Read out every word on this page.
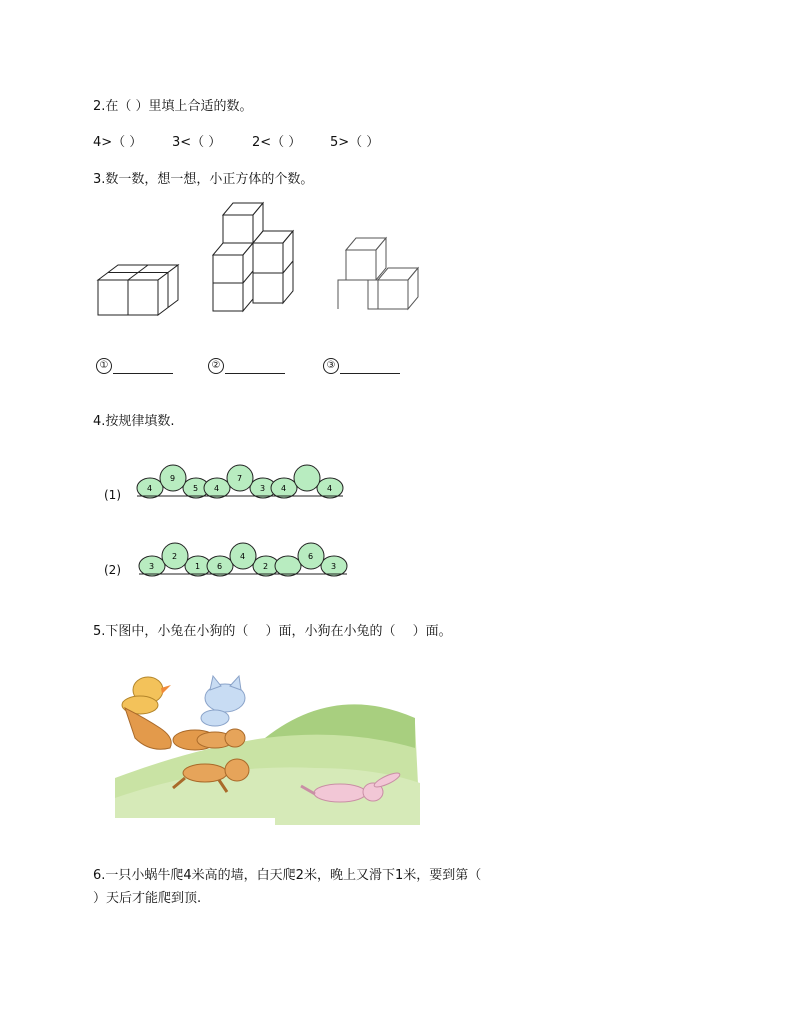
2.在（ ）里填上合适的数。
4>（ ） 3<（ ） 2<（ ） 5>（ ）
3.数一数，想一想，小正方体的个数。
①	②	③
4.按规律填数.
(1)
(2)
4
9
5 4
7
3 4	4
3
2
1 6
4
2
6
3
5.下图中，小兔在小狗的（　 ）面，小狗在小兔的（　 ）面。
6.一只小蜗牛爬4米高的墙，白天爬2米，晚上又滑下1米，要到第（
）天后才能爬到顶.
